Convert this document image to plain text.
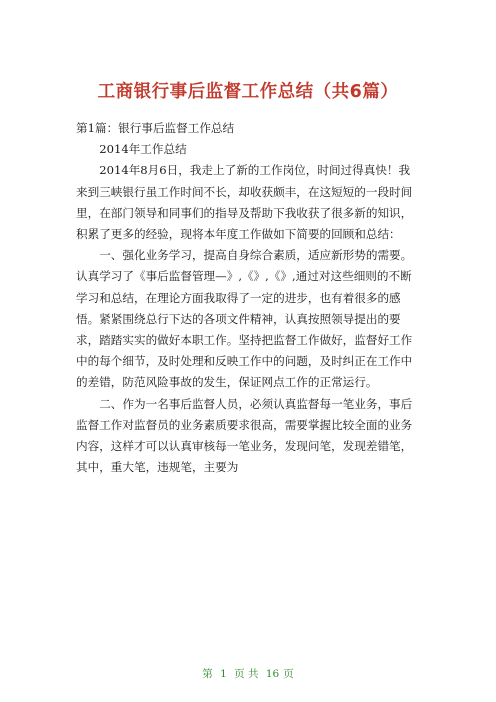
工商银行事后监督工作总结（共6篇）

第1篇：银行事后监督工作总结

2014年工作总结

2014年8月6日，我走上了新的工作岗位，时间过得真快！我来到三峡银行虽工作时间不长，却收获颇丰，在这短短的一段时间里，在部门领导和同事们的指导及帮助下我收获了很多新的知识，积累了更多的经验，现将本年度工作做如下简要的回顾和总结：

一、强化业务学习，提高自身综合素质，适应新形势的需要。认真学习了《事后监督管理—》,《》,《》,通过对这些细则的不断学习和总结，在理论方面我取得了一定的进步，也有着很多的感悟。紧紧围绕总行下达的各项文件精神，认真按照领导提出的要求，踏踏实实的做好本职工作。坚持把监督工作做好，监督好工作中的每个细节，及时处理和反映工作中的问题，及时纠正在工作中的差错，防范风险事故的发生，保证网点工作的正常运行。

二、作为一名事后监督人员，必须认真监督每一笔业务，事后监督工作对监督员的业务素质要求很高，需要掌握比较全面的业务内容，这样才可以认真审核每一笔业务，发现问笔，发现差错笔，其中，重大笔，违规笔，主要为

第 1 页 共 16 页
